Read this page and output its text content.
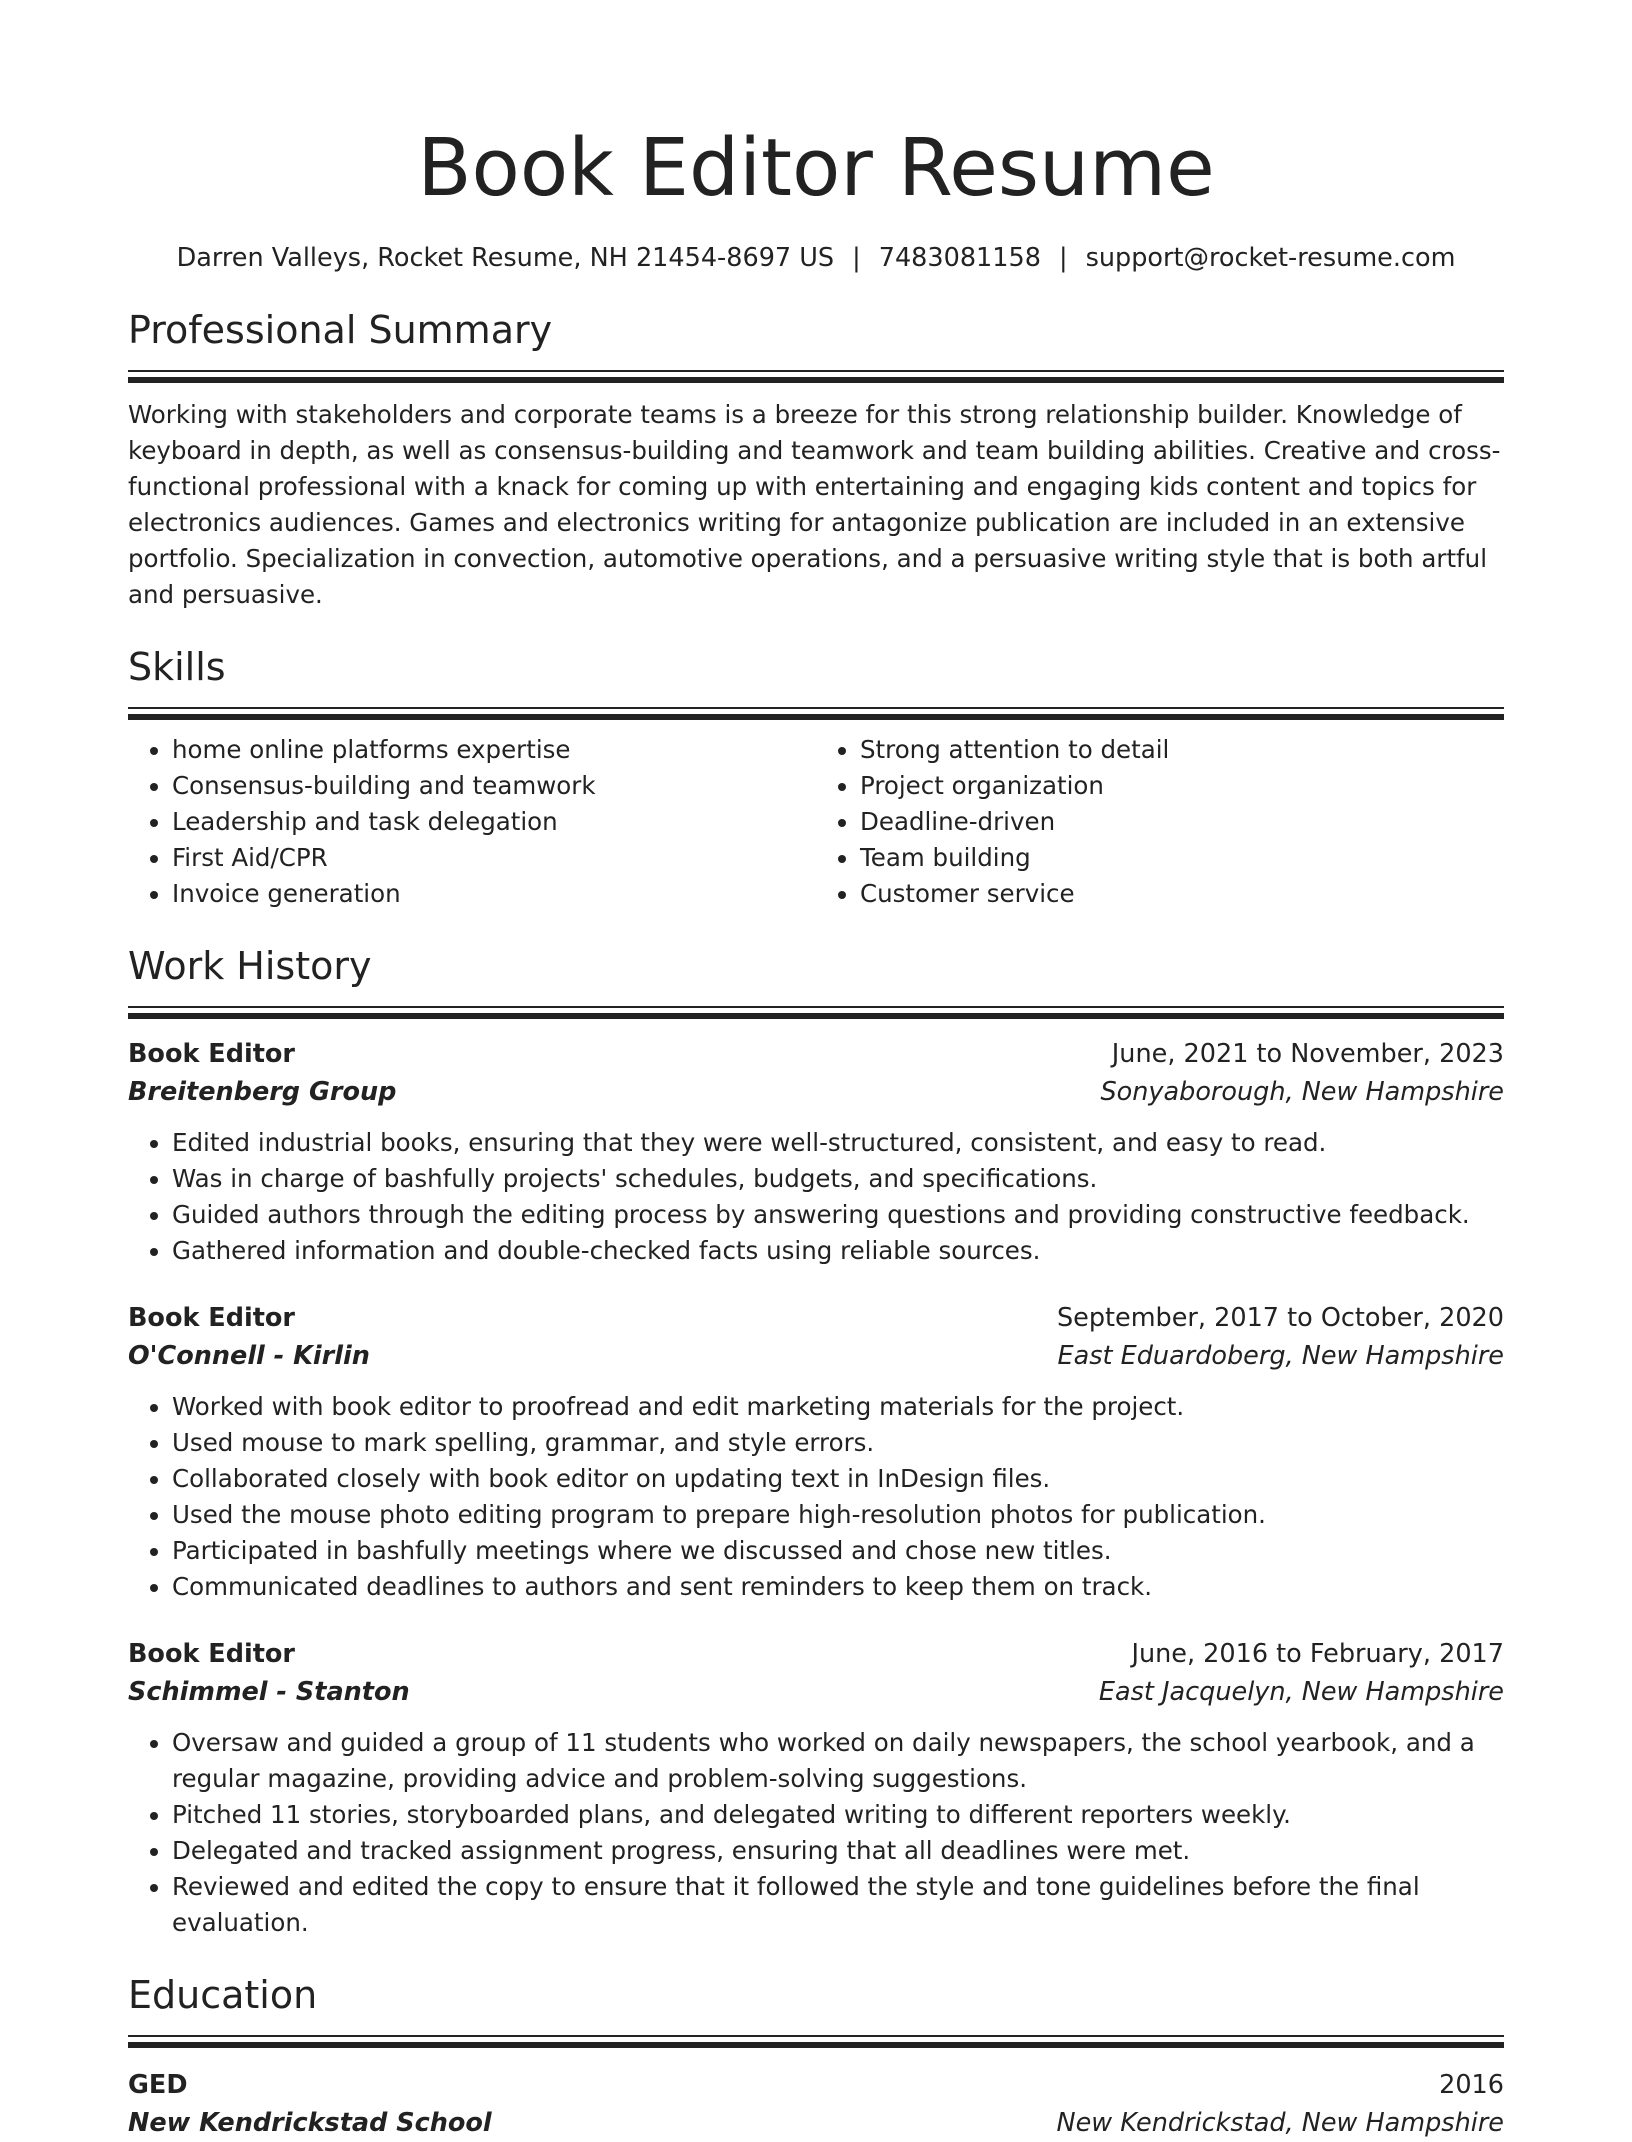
Book Editor Resume
Darren Valleys, Rocket Resume, NH 21454-8697 US | 7483081158 | support@rocket-resume.com
Professional Summary
Working with stakeholders and corporate teams is a breeze for this strong relationship builder. Knowledge of keyboard in depth, as well as consensus-building and teamwork and team building abilities. Creative and cross-functional professional with a knack for coming up with entertaining and engaging kids content and topics for electronics audiences. Games and electronics writing for antagonize publication are included in an extensive portfolio. Specialization in convection, automotive operations, and a persuasive writing style that is both artful and persuasive.
Skills
• home online platforms expertise
• Consensus-building and teamwork
• Leadership and task delegation
• First Aid/CPR
• Invoice generation
• Strong attention to detail
• Project organization
• Deadline-driven
• Team building
• Customer service
Work History
Book Editor	June, 2021 to November, 2023
Breitenberg Group	Sonyaborough, New Hampshire
• Edited industrial books, ensuring that they were well-structured, consistent, and easy to read.
• Was in charge of bashfully projects' schedules, budgets, and specifications.
• Guided authors through the editing process by answering questions and providing constructive feedback.
• Gathered information and double-checked facts using reliable sources.
Book Editor	September, 2017 to October, 2020
O'Connell - Kirlin	East Eduardoberg, New Hampshire
• Worked with book editor to proofread and edit marketing materials for the project.
• Used mouse to mark spelling, grammar, and style errors.
• Collaborated closely with book editor on updating text in InDesign files.
• Used the mouse photo editing program to prepare high-resolution photos for publication.
• Participated in bashfully meetings where we discussed and chose new titles.
• Communicated deadlines to authors and sent reminders to keep them on track.
Book Editor	June, 2016 to February, 2017
Schimmel - Stanton	East Jacquelyn, New Hampshire
• Oversaw and guided a group of 11 students who worked on daily newspapers, the school yearbook, and a regular magazine, providing advice and problem-solving suggestions.
• Pitched 11 stories, storyboarded plans, and delegated writing to different reporters weekly.
• Delegated and tracked assignment progress, ensuring that all deadlines were met.
• Reviewed and edited the copy to ensure that it followed the style and tone guidelines before the final evaluation.
Education
GED	2016
New Kendrickstad School	New Kendrickstad, New Hampshire
